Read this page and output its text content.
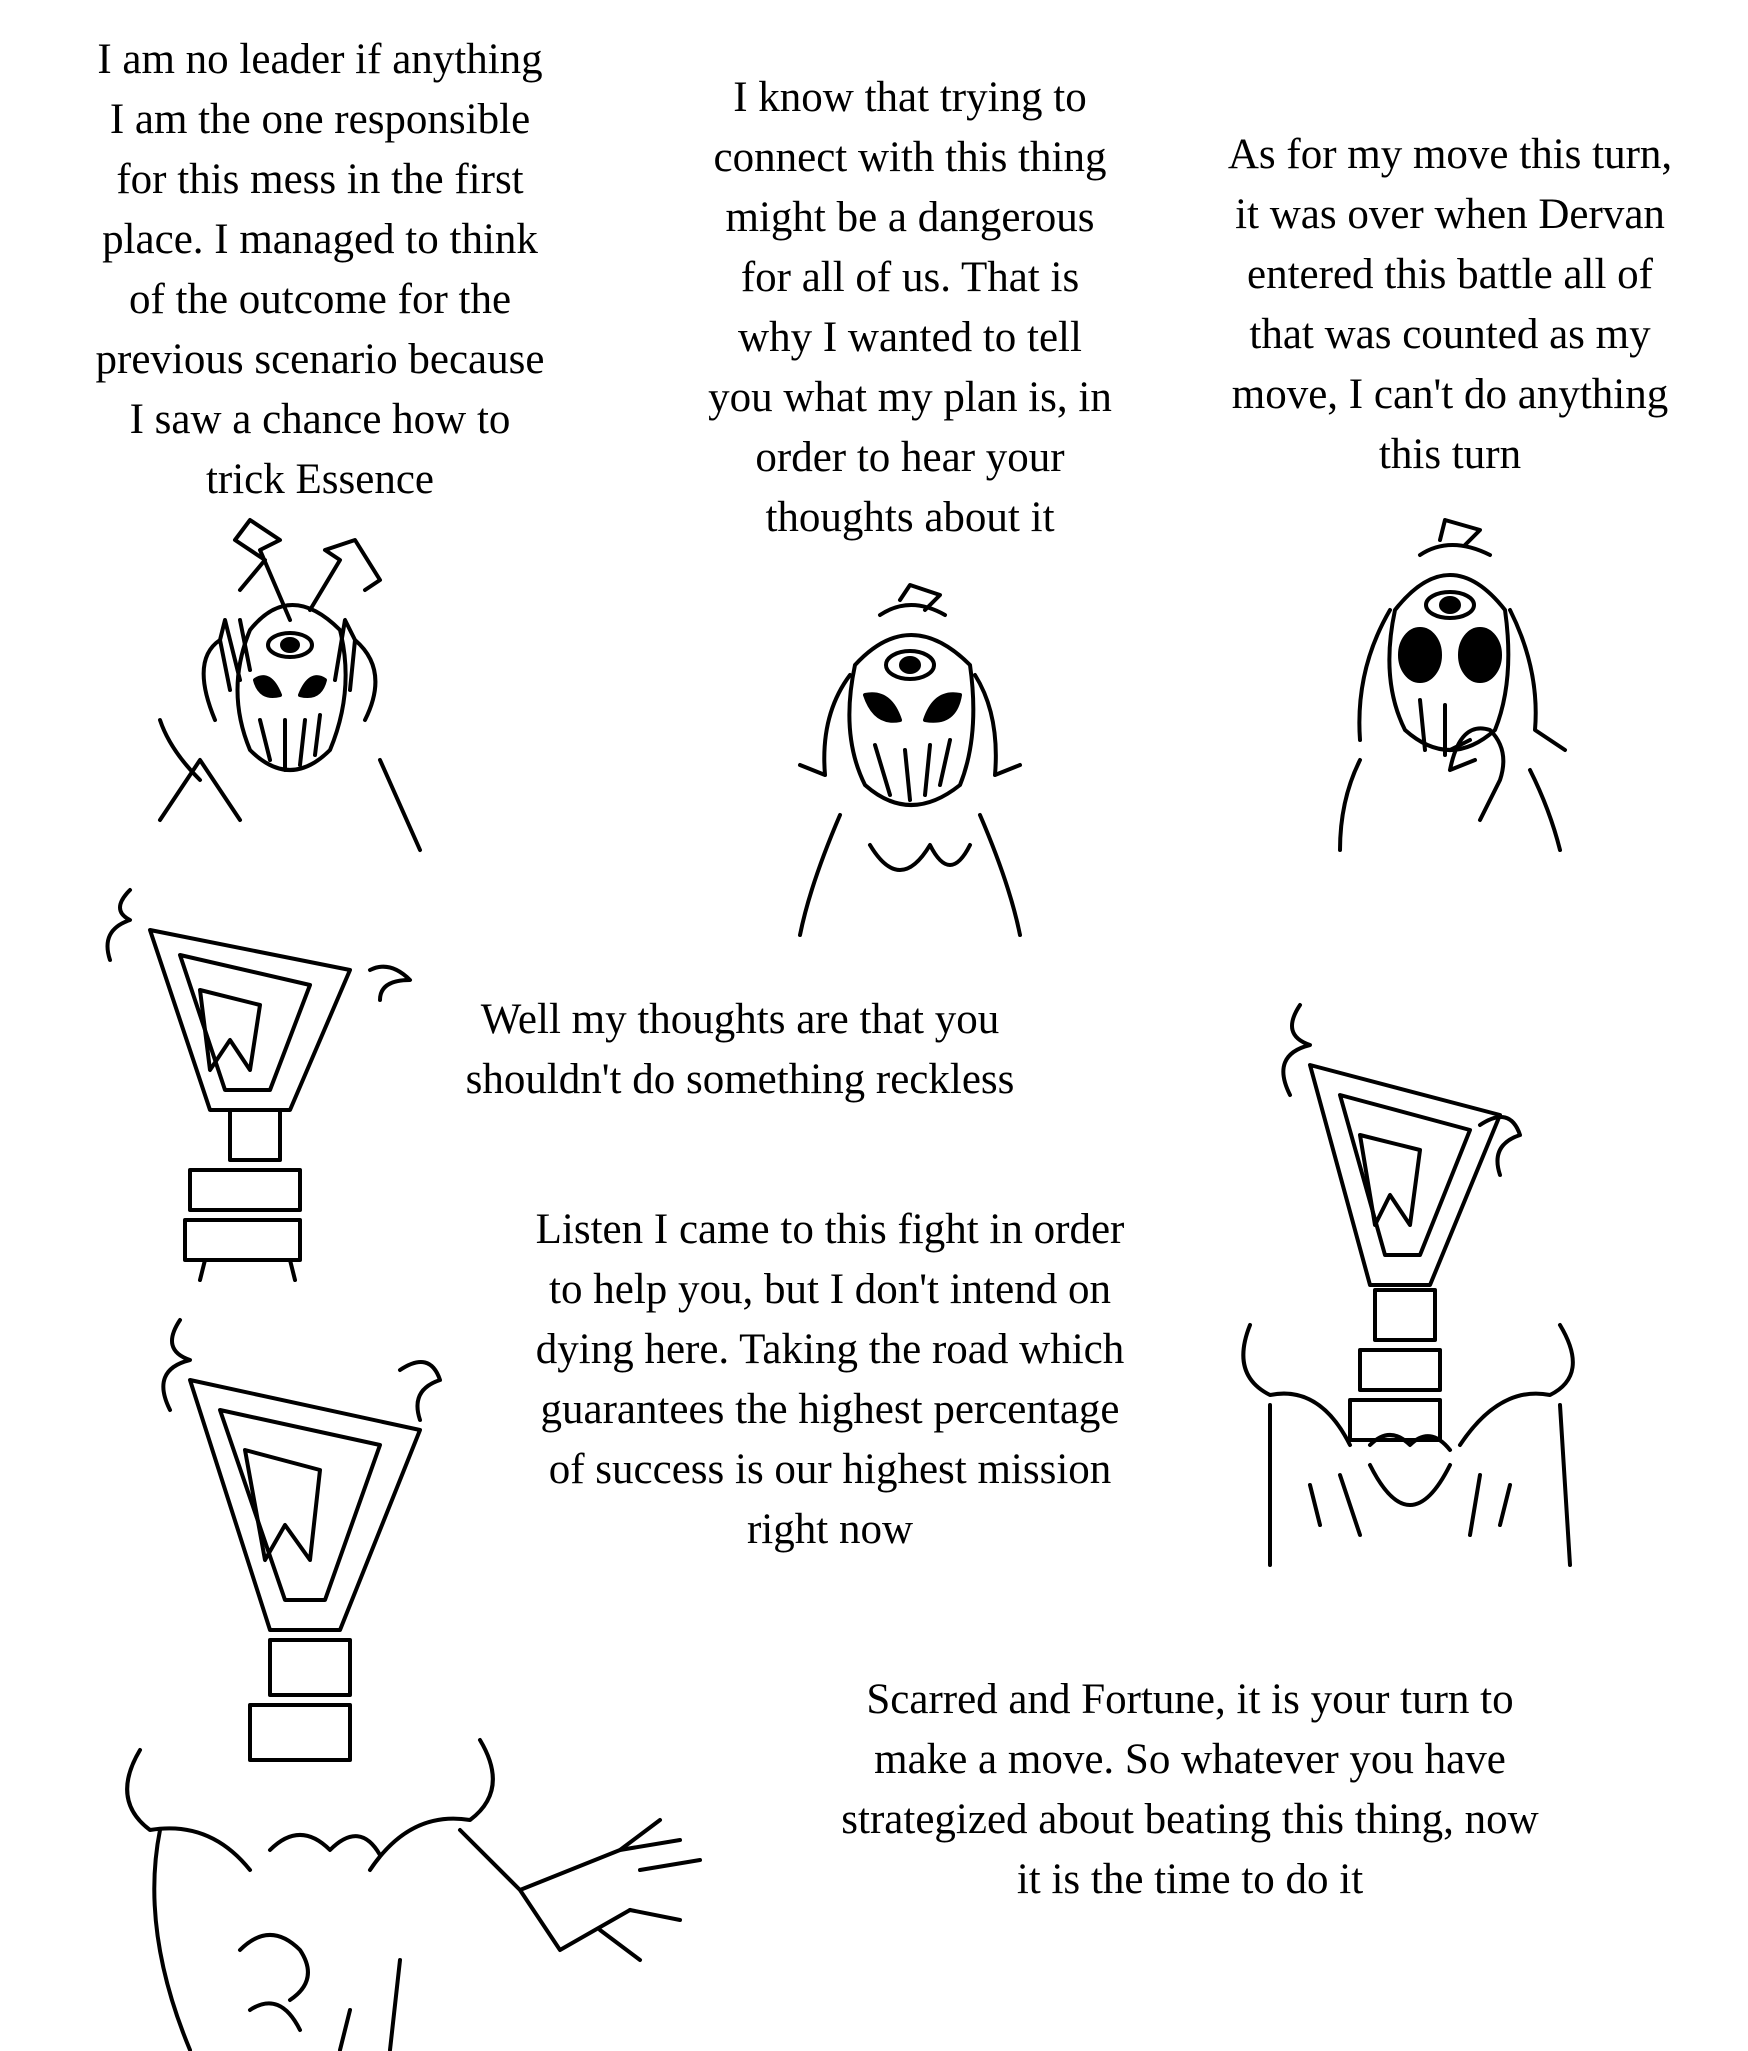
I am no leader if anything
I am the one responsible
for this mess in the first
place. I managed to think
of the outcome for the
previous scenario because
I saw a chance how to
trick Essence

I know that trying to
connect with this thing
might be a dangerous
for all of us. That is
why I wanted to tell
you what my plan is, in
order to hear your
thoughts about it

As for my move this turn,
it was over when Dervan
entered this battle all of
that was counted as my
move, I can't do anything
this turn

Well my thoughts are that you
shouldn't do something reckless

Listen I came to this fight in order
to help you, but I don't intend on
dying here. Taking the road which
guarantees the highest percentage
of success is our highest mission
right now

Scarred and Fortune, it is your turn to
make a move. So whatever you have
strategized about beating this thing, now
it is the time to do it
